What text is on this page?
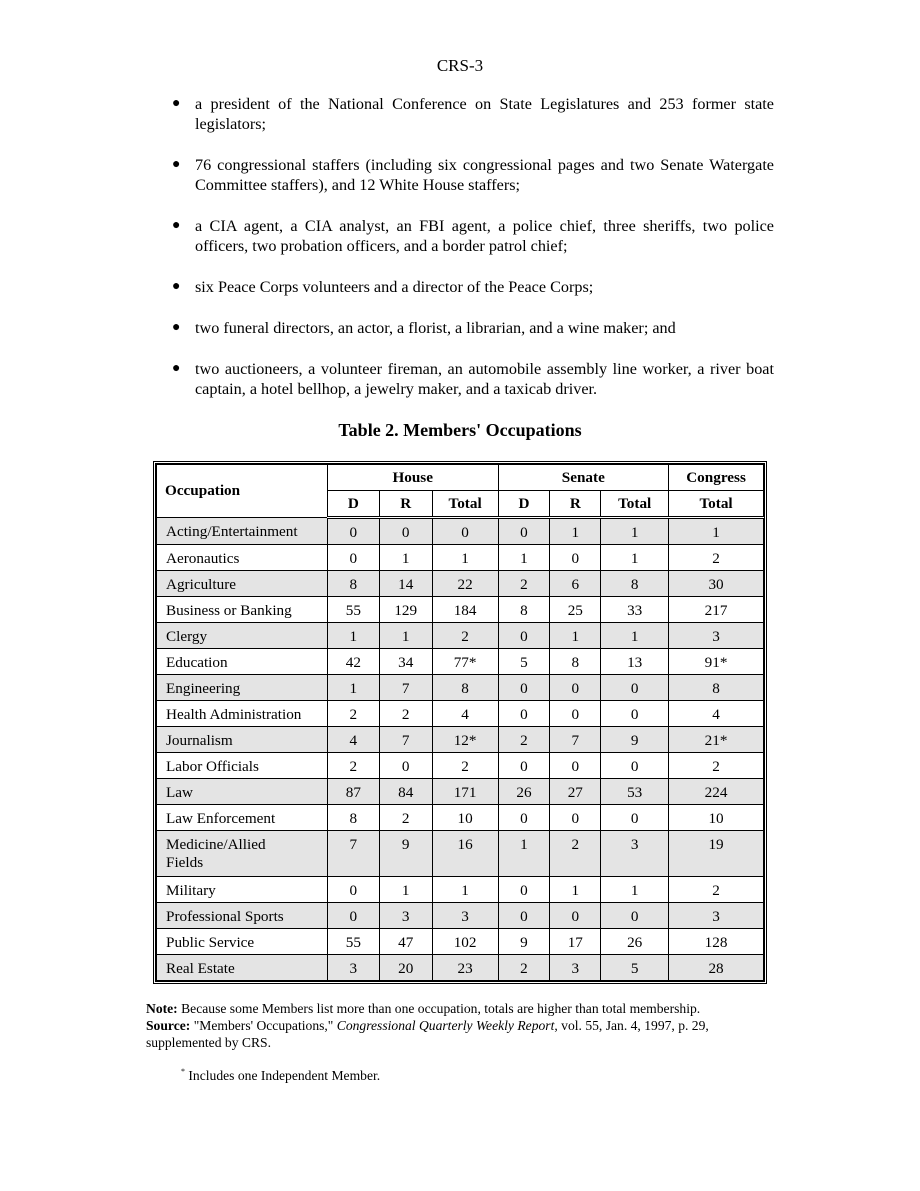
CRS-3
● a president of the National Conference on State Legislatures and 253 former state legislators;
● 76 congressional staffers (including six congressional pages and two Senate Watergate Committee staffers), and 12 White House staffers;
● a CIA agent, a CIA analyst, an FBI agent, a police chief, three sheriffs, two police officers, two probation officers, and a border patrol chief;
● six Peace Corps volunteers and a director of the Peace Corps;
● two funeral directors, an actor, a florist, a librarian, and a wine maker; and
● two auctioneers, a volunteer fireman, an automobile assembly line worker, a river boat captain, a hotel bellhop, a jewelry maker, and a taxicab driver.
Table 2. Members' Occupations
Occupation	House			Senate			Congress
	D	R	Total	D	R	Total	Total
Acting/Entertainment	0	0	0	0	1	1	1
Aeronautics	0	1	1	1	0	1	2
Agriculture	8	14	22	2	6	8	30
Business or Banking	55	129	184	8	25	33	217
Clergy	1	1	2	0	1	1	3
Education	42	34	77*	5	8	13	91*
Engineering	1	7	8	0	0	0	8
Health Administration	2	2	4	0	0	0	4
Journalism	4	7	12*	2	7	9	21*
Labor Officials	2	0	2	0	0	0	2
Law	87	84	171	26	27	53	224
Law Enforcement	8	2	10	0	0	0	10
Medicine/Allied Fields	7	9	16	1	2	3	19
Military	0	1	1	0	1	1	2
Professional Sports	0	3	3	0	0	0	3
Public Service	55	47	102	9	17	26	128
Real Estate	3	20	23	2	3	5	28
Note: Because some Members list more than one occupation, totals are higher than total membership.
Source: "Members' Occupations," Congressional Quarterly Weekly Report, vol. 55, Jan. 4, 1997, p. 29, supplemented by CRS.
* Includes one Independent Member.
